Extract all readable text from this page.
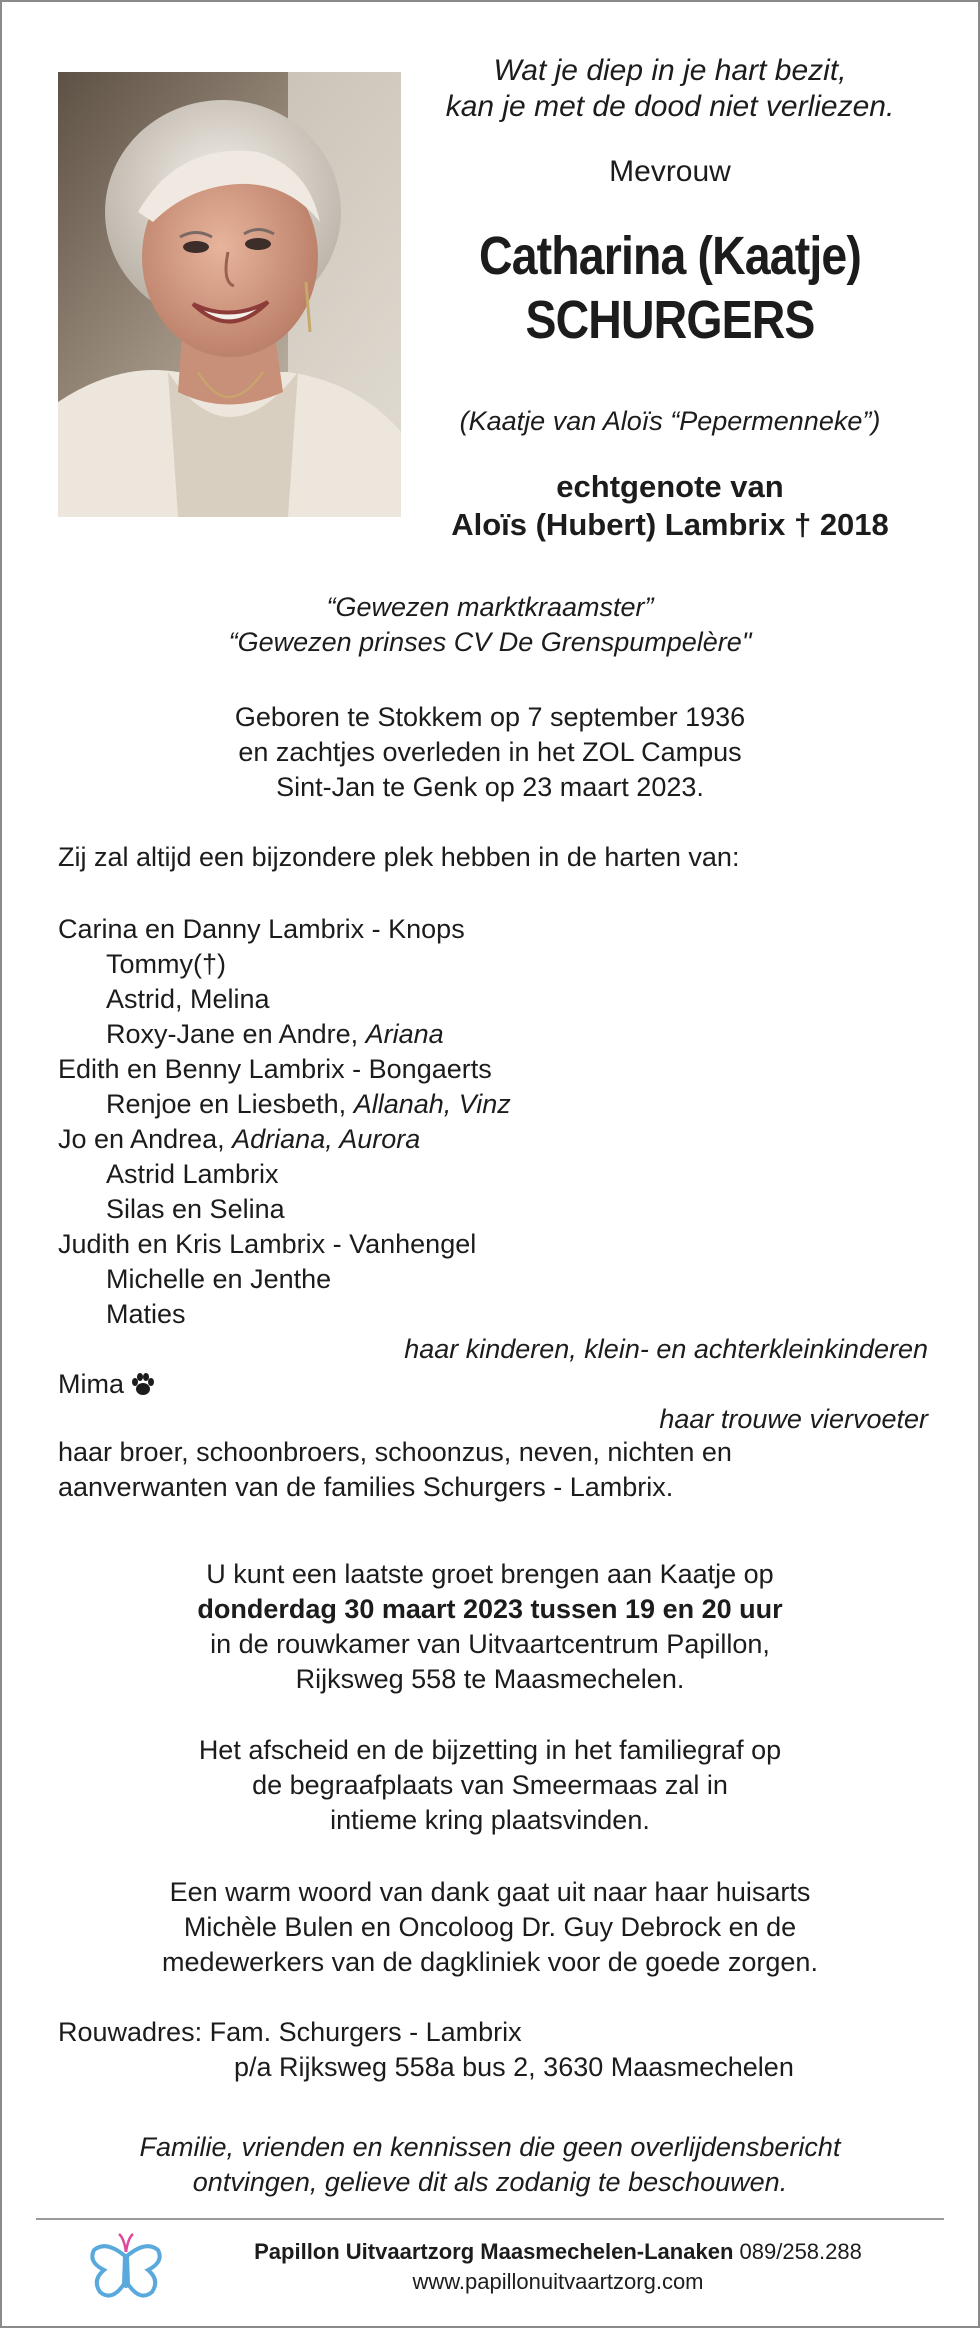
Wat je diep in je hart bezit,
kan je met de dood niet verliezen.
Mevrouw
Catharina (Kaatje)
SCHURGERS
(Kaatje van Aloïs “Pepermenneke”)
echtgenote van
Aloïs (Hubert) Lambrix † 2018
“Gewezen marktkraamster”
“Gewezen prinses CV De Grenspumpelère"
Geboren te Stokkem op 7 september 1936
en zachtjes overleden in het ZOL Campus
Sint-Jan te Genk op 23 maart 2023.
Zij zal altijd een bijzondere plek hebben in de harten van:
Carina en Danny Lambrix - Knops
Tommy(†)
Astrid, Melina
Roxy-Jane en Andre, Ariana
Edith en Benny Lambrix - Bongaerts
Renjoe en Liesbeth, Allanah, Vinz
Jo en Andrea, Adriana, Aurora
Astrid Lambrix
Silas en Selina
Judith en Kris Lambrix - Vanhengel
Michelle en Jenthe
Maties
haar kinderen, klein- en achterkleinkinderen
Mima
haar trouwe viervoeter
haar broer, schoonbroers, schoonzus, neven, nichten en
aanverwanten van de families Schurgers - Lambrix.
U kunt een laatste groet brengen aan Kaatje op
donderdag 30 maart 2023 tussen 19 en 20 uur
in de rouwkamer van Uitvaartcentrum Papillon,
Rijksweg 558 te Maasmechelen.
Het afscheid en de bijzetting in het familiegraf op
de begraafplaats van Smeermaas zal in
intieme kring plaatsvinden.
Een warm woord van dank gaat uit naar haar huisarts
Michèle Bulen en Oncoloog Dr. Guy Debrock en de
medewerkers van de dagkliniek voor de goede zorgen.
Rouwadres: Fam. Schurgers - Lambrix
p/a Rijksweg 558a bus 2, 3630 Maasmechelen
Familie, vrienden en kennissen die geen overlijdensbericht
ontvingen, gelieve dit als zodanig te beschouwen.
Papillon Uitvaartzorg Maasmechelen-Lanaken 089/258.288
www.papillonuitvaartzorg.com
